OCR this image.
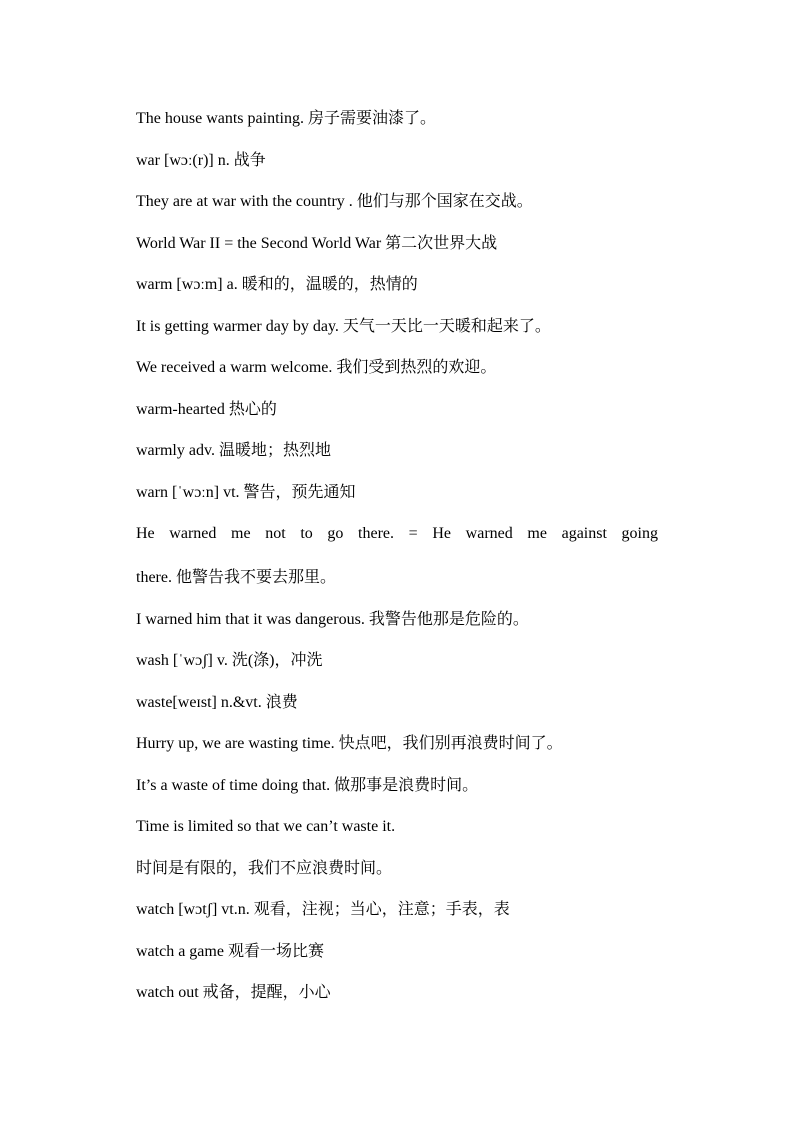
The house wants painting. 房子需要油漆了。
war [wɔː(r)] n. 战争
They are at war with the country . 他们与那个国家在交战。
World War II = the Second World War 第二次世界大战
warm [wɔːm] a. 暖和的，温暖的，热情的
It is getting warmer day by day. 天气一天比一天暖和起来了。
We received a warm welcome. 我们受到热烈的欢迎。
warm-hearted 热心的
warmly adv. 温暖地；热烈地
warn [ˈwɔːn] vt. 警告，预先通知
He warned me not to go there. = He warned me against going
there. 他警告我不要去那里。
I warned him that it was dangerous. 我警告他那是危险的。
wash [ˈwɔʃ] v. 洗(涤)，冲洗
waste[weɪst] n.&vt. 浪费
Hurry up, we are wasting time. 快点吧，我们别再浪费时间了。
It’s a waste of time doing that. 做那事是浪费时间。
Time is limited so that we can’t waste it.
时间是有限的，我们不应浪费时间。
watch [wɔtʃ] vt.n. 观看，注视；当心，注意；手表，表
watch a game 观看一场比赛
watch out 戒备，提醒，小心
